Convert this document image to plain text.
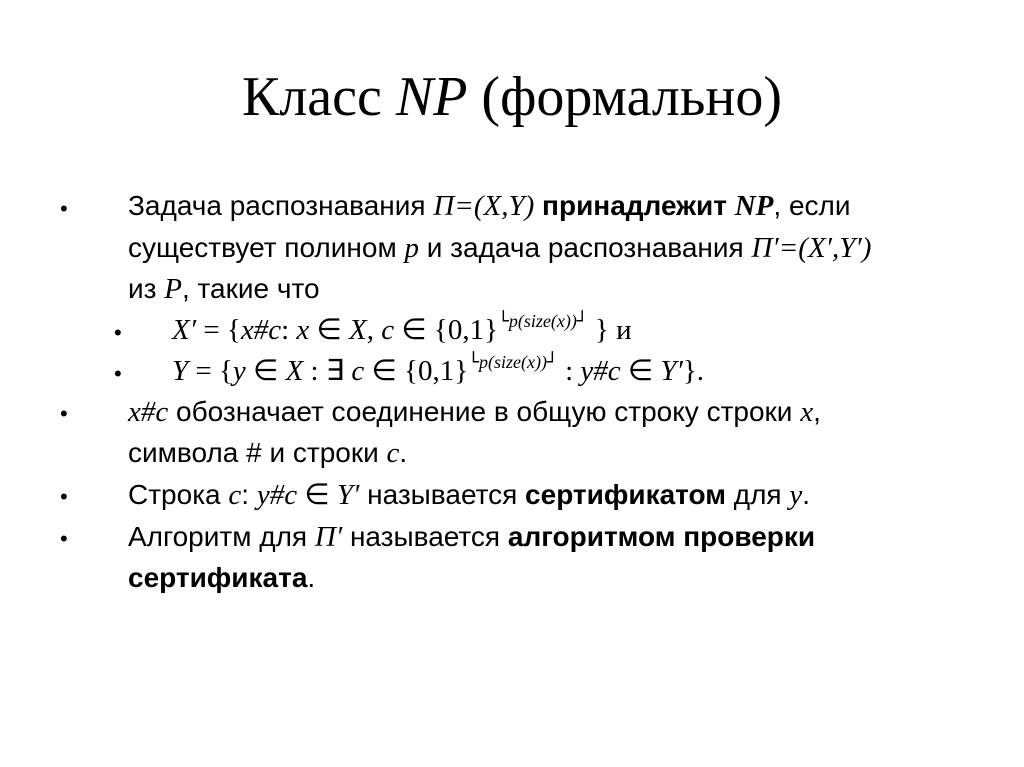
Класс NP (формально)
• Задача распознавания Π=(X,Y) принадлежит NP, если
существует полином p и задача распознавания Π′=(X′,Y′)
из P, такие что
• X′ = {x#c: x ∈ X, c ∈ $\{0,1\}^{└p(size(x))┘}$ } и
• Y = {y ∈ X : ∃ c ∈ $\{0,1\}^{└p(size(x))┘}$ : y#c ∈ Y′}.
• x#c обозначает соединение в общую строку строки x,
символа # и строки c.
• Строка c: y#c ∈ Y′ называется сертификатом для y.
• Алгоритм для Π′ называется алгоритмом проверки
сертификата.
